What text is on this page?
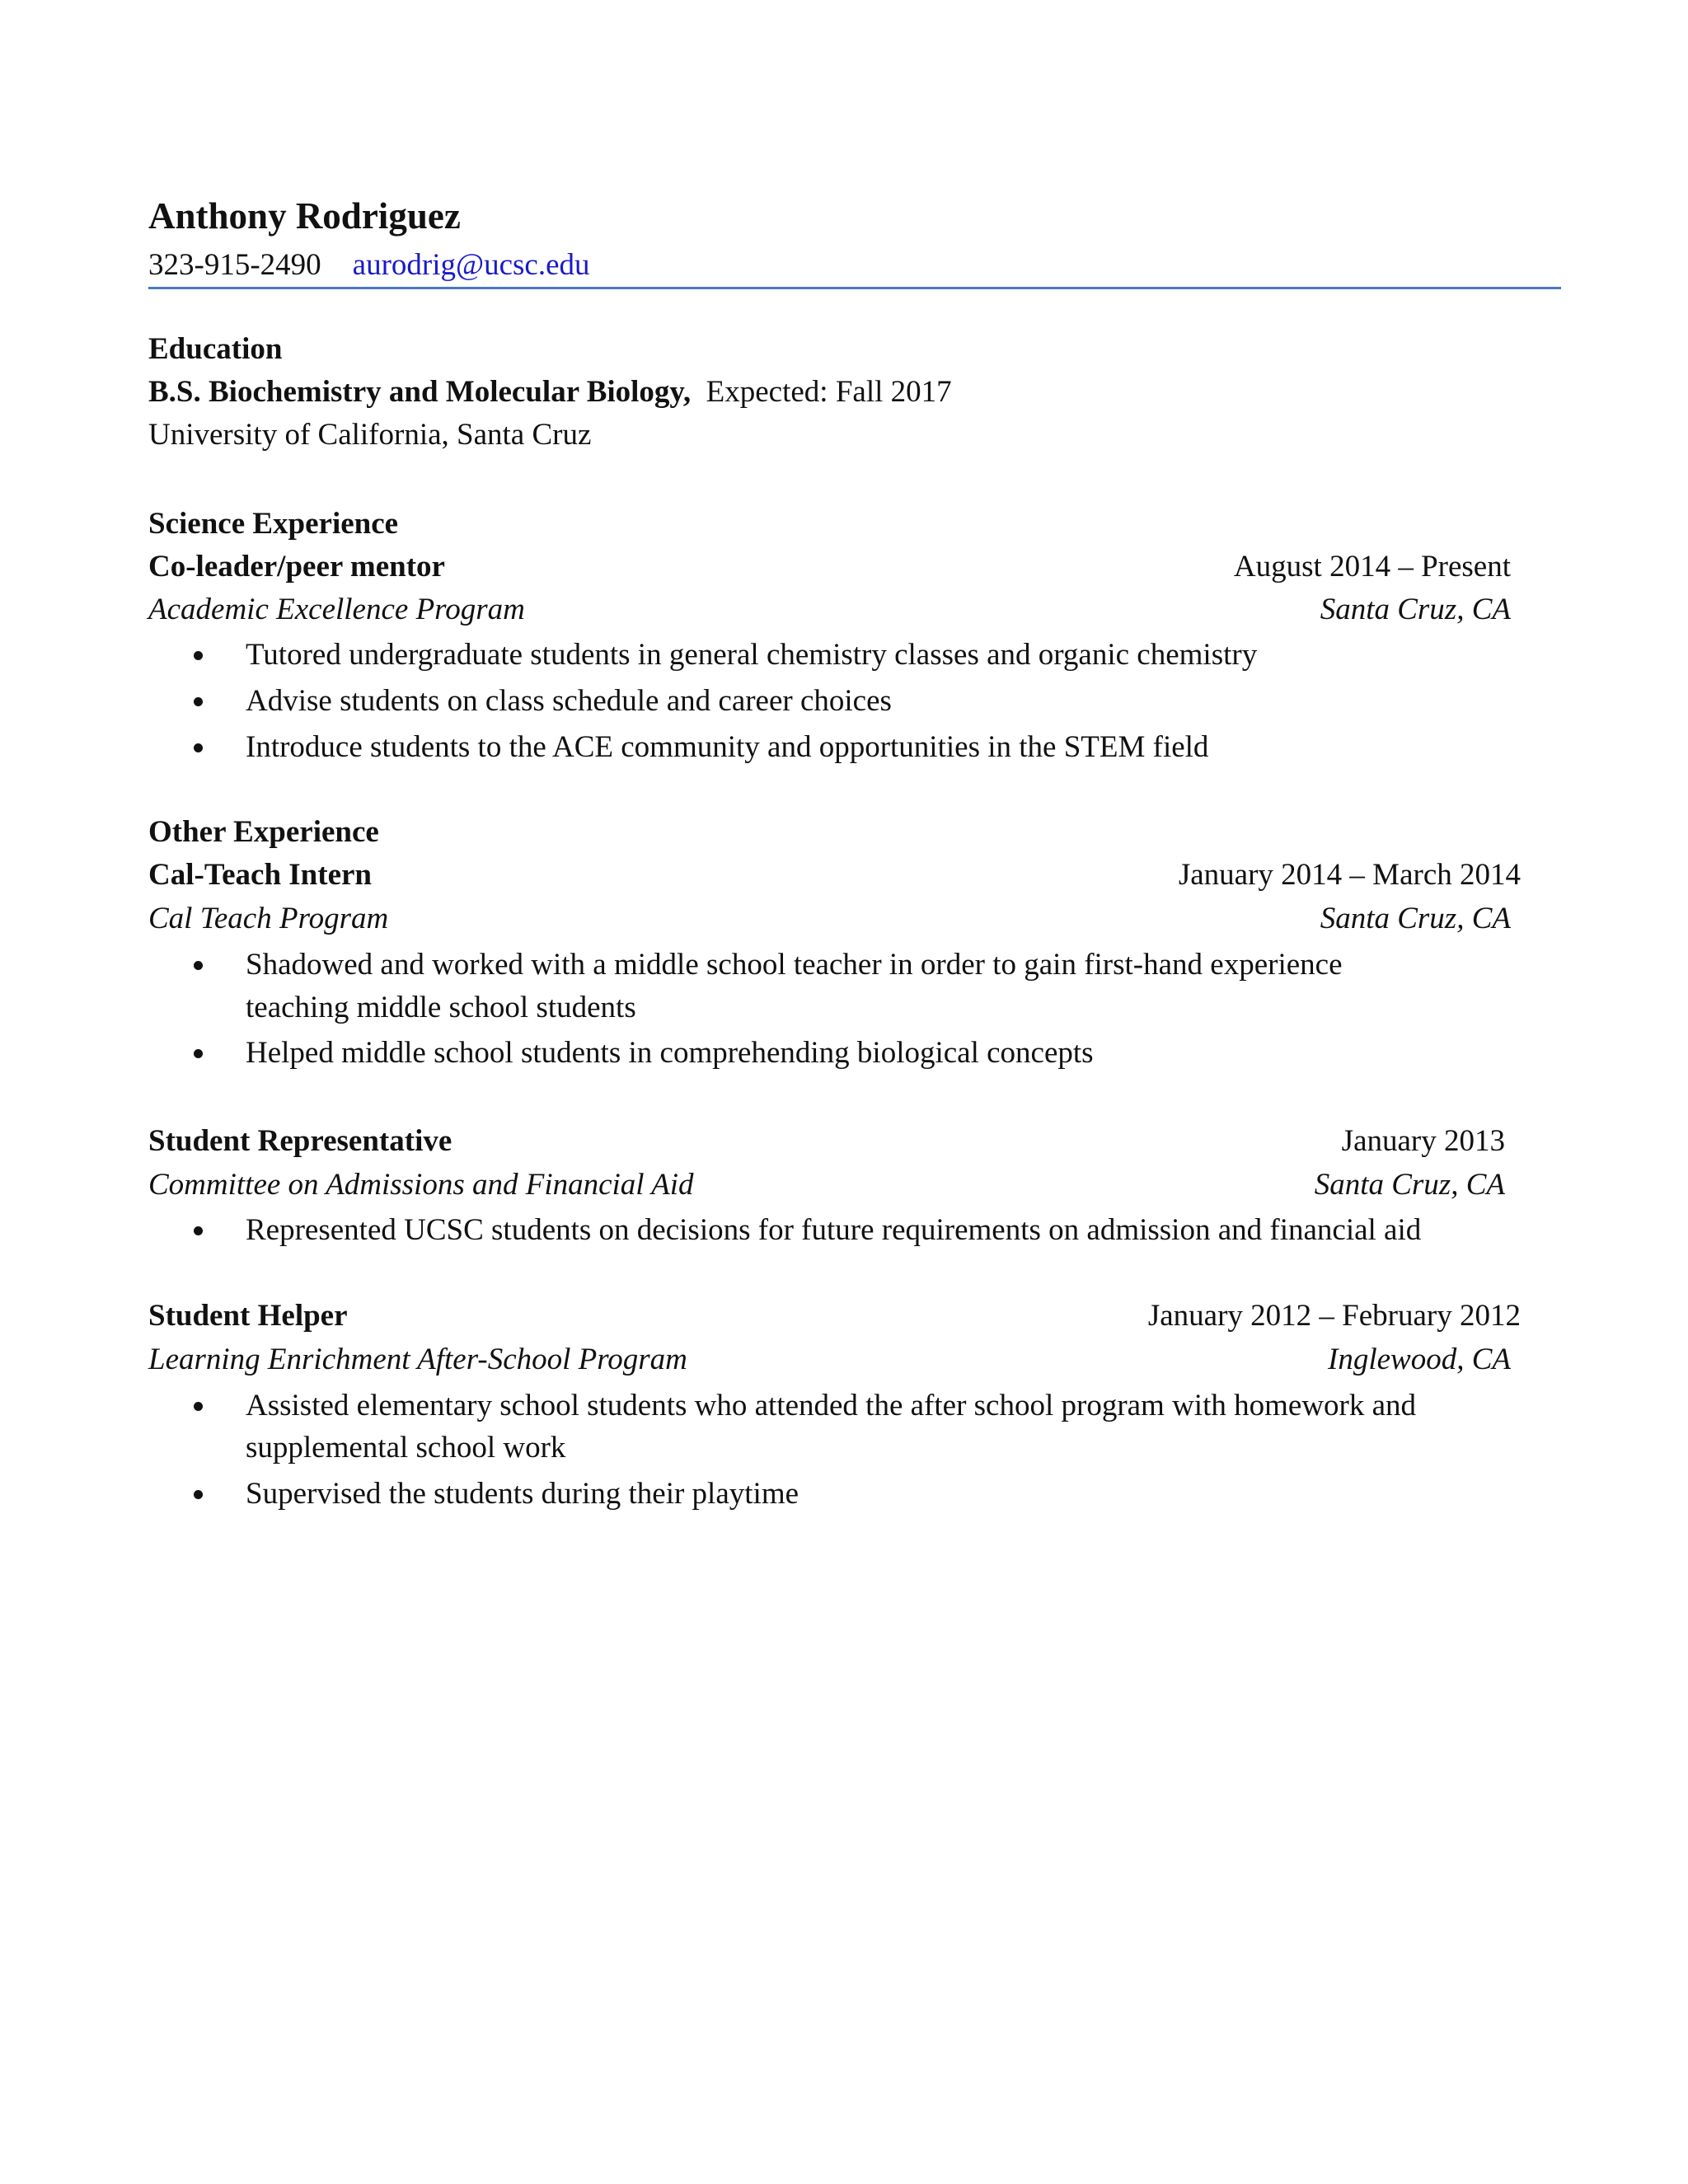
Anthony Rodriguez
323-915-2490 aurodrig@ucsc.edu
Education
B.S. Biochemistry and Molecular Biology, Expected: Fall 2017
University of California, Santa Cruz
Science Experience
Co-leader/peer mentor	August 2014 – Present
Academic Excellence Program	Santa Cruz, CA
Tutored undergraduate students in general chemistry classes and organic chemistry
Advise students on class schedule and career choices
Introduce students to the ACE community and opportunities in the STEM field
Other Experience
Cal-Teach Intern	January 2014 – March 2014
Cal Teach Program	Santa Cruz, CA
Shadowed and worked with a middle school teacher in order to gain first-hand experience
teaching middle school students
Helped middle school students in comprehending biological concepts
Student Representative	January 2013
Committee on Admissions and Financial Aid	Santa Cruz, CA
Represented UCSC students on decisions for future requirements on admission and financial aid
Student Helper	January 2012 – February 2012
Learning Enrichment After-School Program	Inglewood, CA
Assisted elementary school students who attended the after school program with homework and
supplemental school work
Supervised the students during their playtime
